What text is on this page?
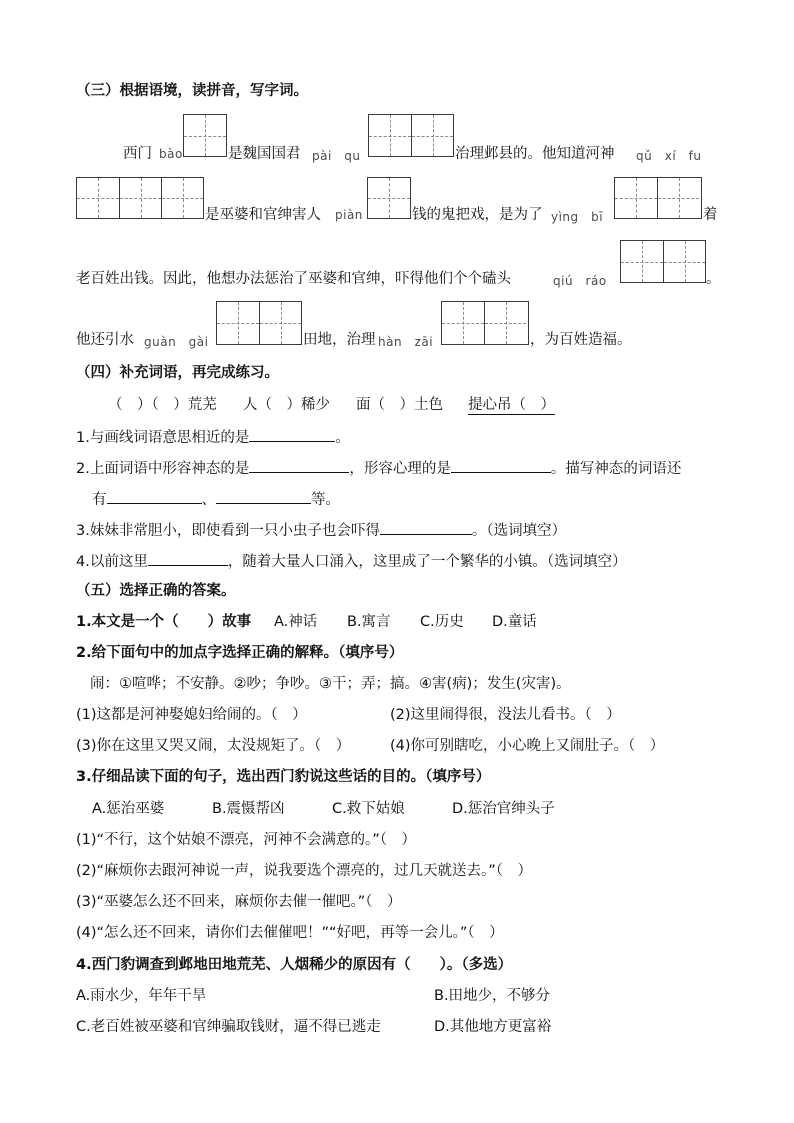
（三）根据语境，读拼音，写字词。
西门 bào	是魏国国君 pài　qu	治理邺县的。他知道河神 qǔ　xí　fu
是巫婆和官绅害人 piàn	钱的鬼把戏，是为了 yìng　bī	着
老百姓出钱。因此，他想办法惩治了巫婆和官绅，吓得他们个个磕头	qiú　ráo	。
他还引水 guàn　gài	田地，治理 hàn　zāi	，为百姓造福。
（四）补充词语，再完成练习。
（　）（　）荒芜 人（　）稀少 面（　）土色 提心吊（　）
1.与画线词语意思相近的是	。
2.上面词语中形容神态的是	，形容心理的是	。描写神态的词语还
有	、	等。
3.妹妹非常胆小，即使看到一只小虫子也会吓得	。（选词填空）
4.以前这里	，随着大量人口涌入，这里成了一个繁华的小镇。（选词填空）
（五）选择正确的答案。
1.本文是一个（　　）故事 A.神话 B.寓言 C.历史 D.童话
2.给下面句中的加点字选择正确的解释。（填序号）
闹：①喧哗；不安静。②吵；争吵。③干；弄；搞。④害(病)；发生(灾害)。
(1)这都是河神娶媳妇给闹的。（　）	(2)这里闹得很，没法儿看书。（　）
(3)你在这里又哭又闹，太没规矩了。（　）	(4)你可别瞎吃，小心晚上又闹肚子。（　）
3.仔细品读下面的句子，选出西门豹说这些话的目的。（填序号）
A.惩治巫婆	B.震慑帮凶	C.救下姑娘	D.惩治官绅头子
(1)“不行，这个姑娘不漂亮，河神不会满意的。”（　）
(2)“麻烦你去跟河神说一声，说我要选个漂亮的，过几天就送去。”（　）
(3)“巫婆怎么还不回来，麻烦你去催一催吧。”（　）
(4)“怎么还不回来，请你们去催催吧！”“好吧，再等一会儿。”（　）
4.西门豹调查到邺地田地荒芜、人烟稀少的原因有（　　）。（多选）
A.雨水少，年年干旱	B.田地少，不够分
C.老百姓被巫婆和官绅骗取钱财，逼不得已逃走	D.其他地方更富裕
